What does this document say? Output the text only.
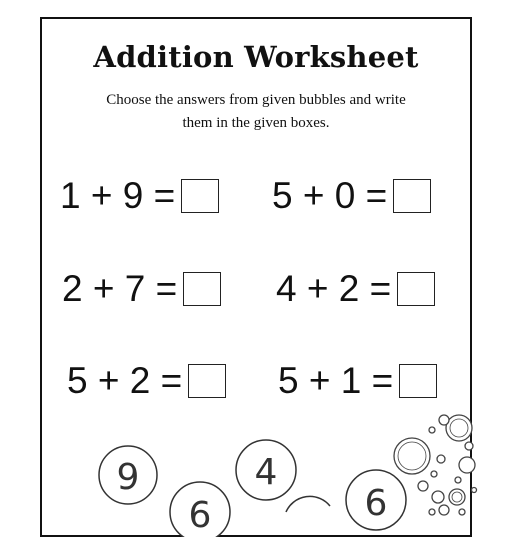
Addition Worksheet
Choose the answers from given bubbles and write
them in the given boxes.
1 + 9 =	5 + 0 =
2 + 7 =	4 + 2 =
5 + 2 =	5 + 1 =
9	4
6	6
